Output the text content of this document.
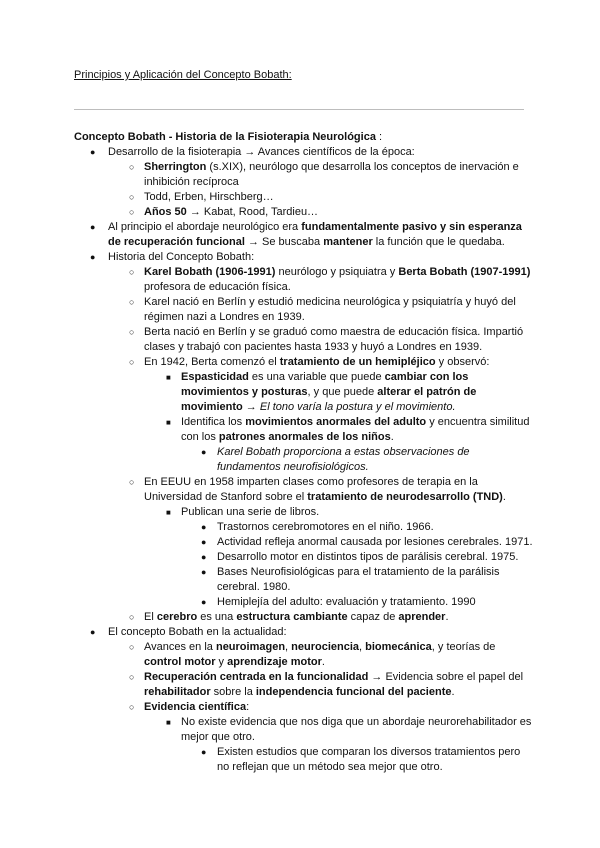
Principios y Aplicación del Concepto Bobath:
Concepto Bobath - Historia de la Fisioterapia Neurológica :
● Desarrollo de la fisioterapia → Avances científicos de la época:
○ Sherrington (s.XIX), neurólogo que desarrolla los conceptos de inervación e inhibición recíproca
○ Todd, Erben, Hirschberg…
○ Años 50 → Kabat, Rood, Tardieu…
● Al principio el abordaje neurológico era fundamentalmente pasivo y sin esperanza de recuperación funcional → Se buscaba mantener la función que le quedaba.
● Historia del Concepto Bobath:
○ Karel Bobath (1906-1991) neurólogo y psiquiatra y Berta Bobath (1907-1991) profesora de educación física.
○ Karel nació en Berlín y estudió medicina neurológica y psiquiatría y huyó del régimen nazi a Londres en 1939.
○ Berta nació en Berlín y se graduó como maestra de educación física. Impartió clases y trabajó con pacientes hasta 1933 y huyó a Londres en 1939.
○ En 1942, Berta comenzó el tratamiento de un hemipléjico y observó:
■ Espasticidad es una variable que puede cambiar con los movimientos y posturas, y que puede alterar el patrón de movimiento → El tono varía la postura y el movimiento.
■ Identifica los movimientos anormales del adulto y encuentra similitud con los patrones anormales de los niños.
● Karel Bobath proporciona a estas observaciones de fundamentos neurofisiológicos.
○ En EEUU en 1958 imparten clases como profesores de terapia en la Universidad de Stanford sobre el tratamiento de neurodesarrollo (TND).
■ Publican una serie de libros.
● Trastornos cerebromotores en el niño. 1966.
● Actividad refleja anormal causada por lesiones cerebrales. 1971.
● Desarrollo motor en distintos tipos de parálisis cerebral. 1975.
● Bases Neurofisiológicas para el tratamiento de la parálisis cerebral. 1980.
● Hemiplejía del adulto: evaluación y tratamiento. 1990
○ El cerebro es una estructura cambiante capaz de aprender.
● El concepto Bobath en la actualidad:
○ Avances en la neuroimagen, neurociencia, biomecánica, y teorías de control motor y aprendizaje motor.
○ Recuperación centrada en la funcionalidad → Evidencia sobre el papel del rehabilitador sobre la independencia funcional del paciente.
○ Evidencia científica:
■ No existe evidencia que nos diga que un abordaje neurorehabilitador es mejor que otro.
● Existen estudios que comparan los diversos tratamientos pero no reflejan que un método sea mejor que otro.
